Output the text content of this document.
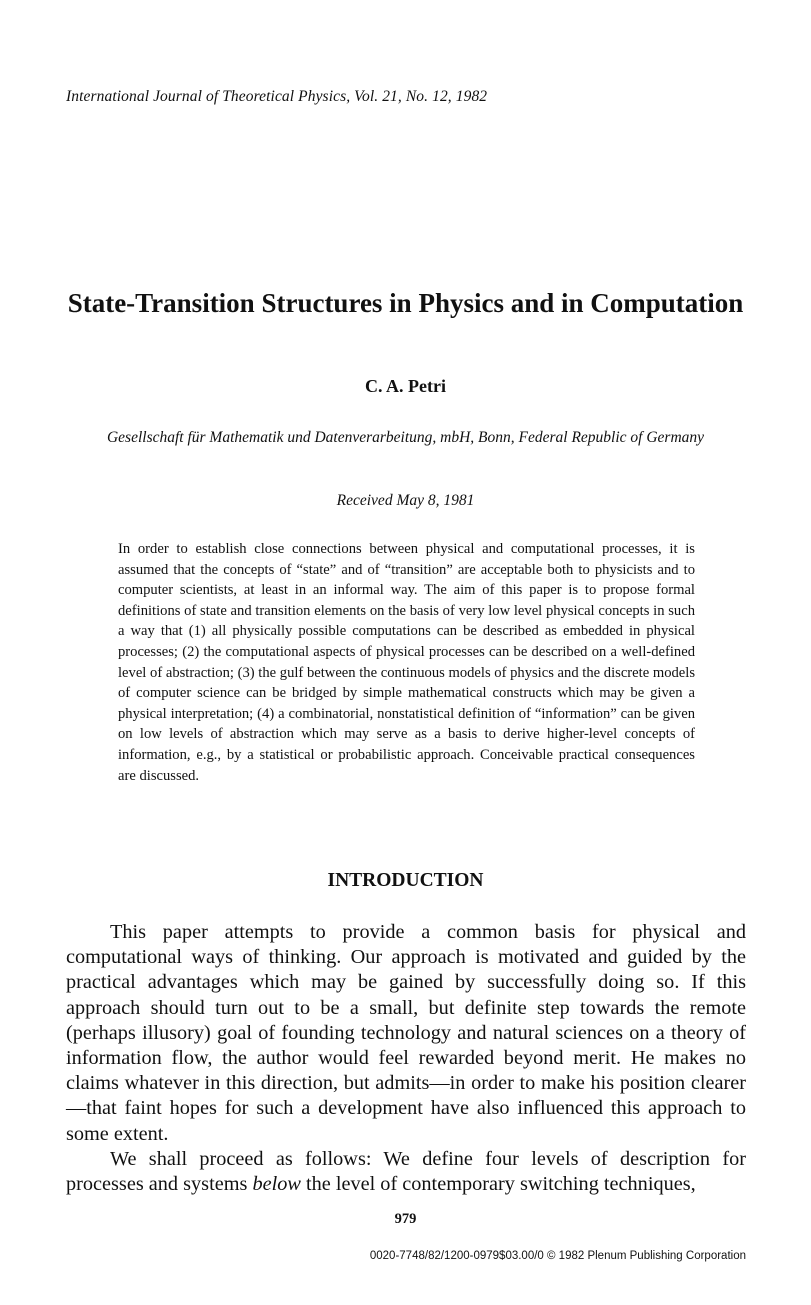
International Journal of Theoretical Physics, Vol. 21, No. 12, 1982
State-Transition Structures in Physics and in Computation
C. A. Petri
Gesellschaft für Mathematik und Datenverarbeitung, mbH, Bonn, Federal Republic of Germany
Received May 8, 1981

In order to establish close connections between physical and computational processes, it is assumed that the concepts of “state” and of “transition” are acceptable both to physicists and to computer scientists, at least in an informal way. The aim of this paper is to propose formal definitions of state and transition elements on the basis of very low level physical concepts in such a way that (1) all physically possible computations can be described as embedded in physical processes; (2) the computational aspects of physical processes can be described on a well-defined level of abstraction; (3) the gulf between the continuous models of physics and the discrete models of computer science can be bridged by simple mathematical constructs which may be given a physical interpretation; (4) a combinatorial, nonstatistical definition of “information” can be given on low levels of abstraction which may serve as a basis to derive higher-level concepts of information, e.g., by a statistical or probabilistic approach. Conceivable practical consequences are discussed.

INTRODUCTION

This paper attempts to provide a common basis for physical and computational ways of thinking. Our approach is motivated and guided by the practical advantages which may be gained by successfully doing so. If this approach should turn out to be a small, but definite step towards the remote (perhaps illusory) goal of founding technology and natural sciences on a theory of information flow, the author would feel rewarded beyond merit. He makes no claims whatever in this direction, but admits—in order to make his position clearer—that faint hopes for such a development have also influenced this approach to some extent.

We shall proceed as follows: We define four levels of description for processes and systems below the level of contemporary switching techniques,

979
0020-7748/82/1200-0979$03.00/0 © 1982 Plenum Publishing Corporation
